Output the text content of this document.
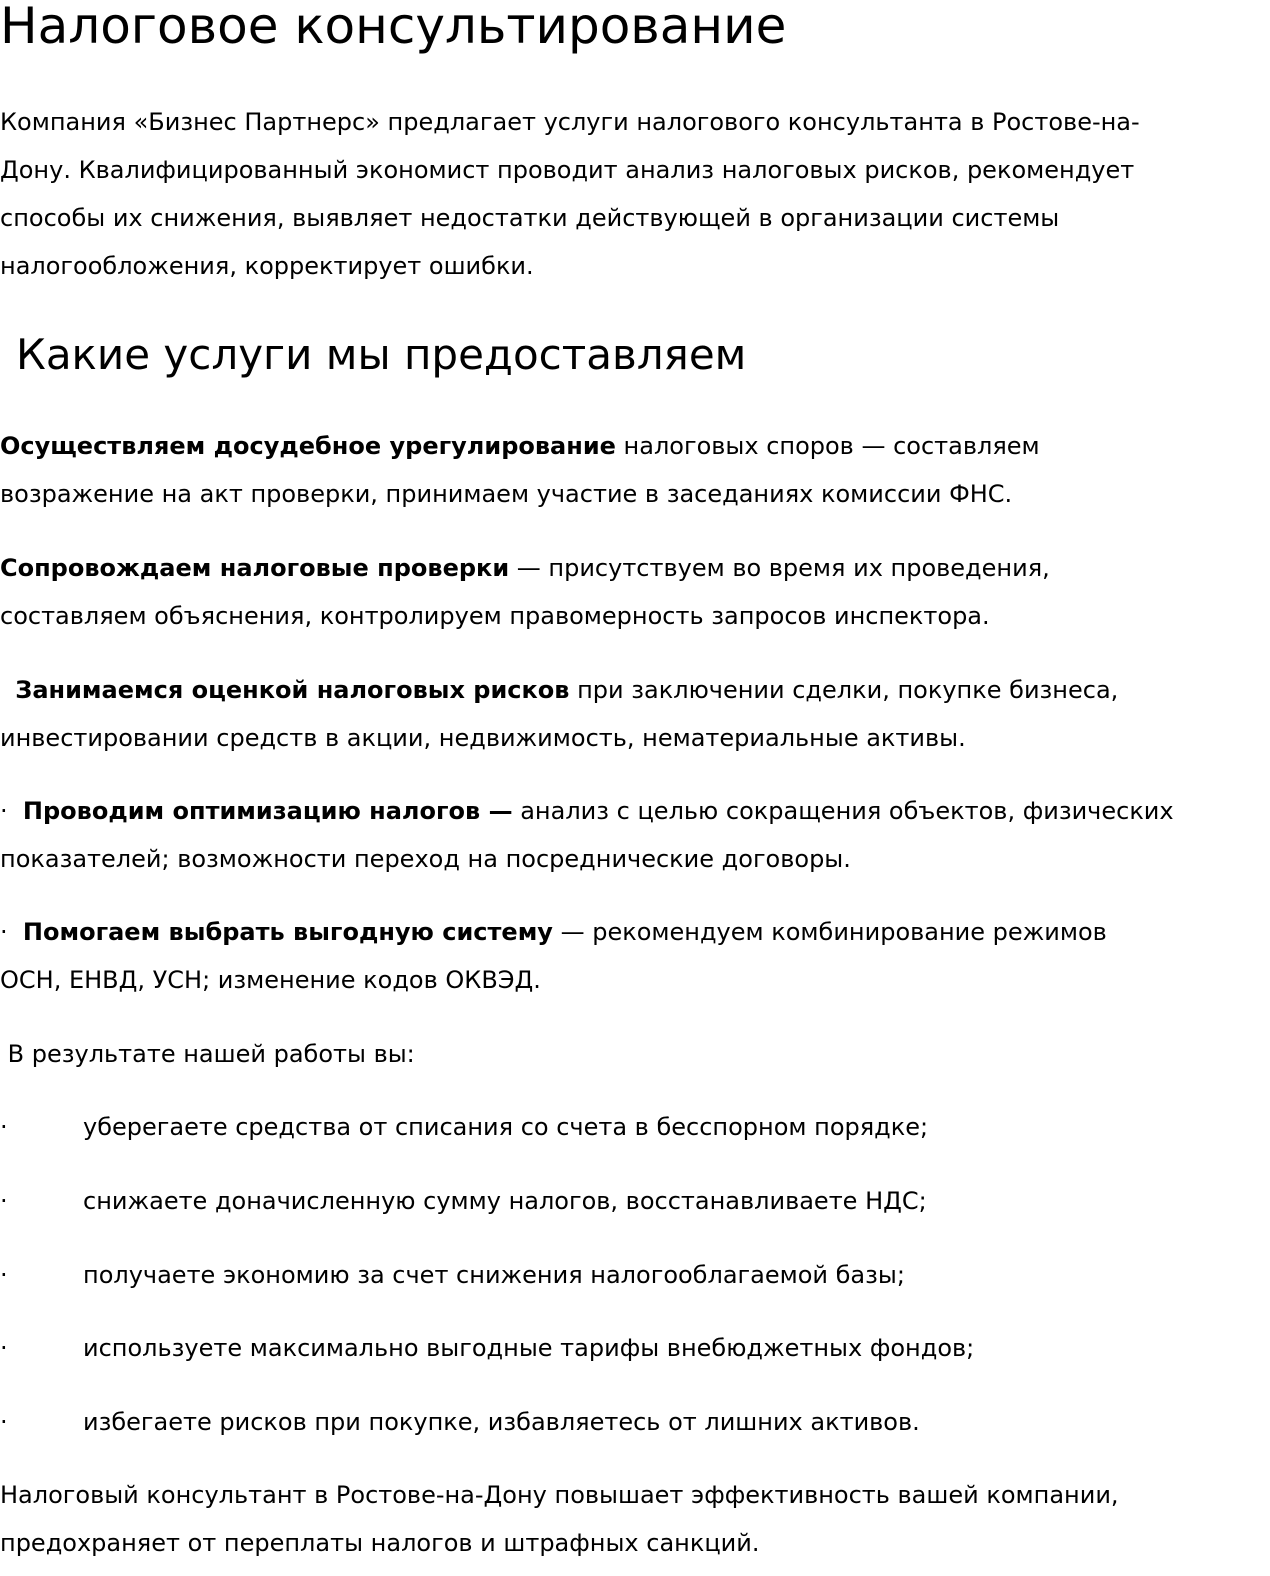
Налоговое консультирование

Компания «Бизнес Партнерс» предлагает услуги налогового консультанта в Ростове-на-

Дону. Квалифицированный экономист проводит анализ налоговых рисков, рекомендует

способы их снижения, выявляет недостатки действующей в организации системы

налогообложения, корректирует ошибки.

Какие услуги мы предоставляем

Осуществляем досудебное урегулирование налоговых споров — составляем

возражение на акт проверки, принимаем участие в заседаниях комиссии ФНС.

Сопровождаем налоговые проверки — присутствуем во время их проведения,

составляем объяснения, контролируем правомерность запросов инспектора.

Занимаемся оценкой налоговых рисков при заключении сделки, покупке бизнеса,

инвестировании средств в акции, недвижимость, нематериальные активы.

·  Проводим оптимизацию налогов — анализ с целью сокращения объектов, физических

показателей; возможности переход на посреднические договоры.

·  Помогаем выбрать выгодную систему — рекомендуем комбинирование режимов

ОСН, ЕНВД, УСН; изменение кодов ОКВЭД.

В результате нашей работы вы:

·	уберегаете средства от списания со счета в бесспорном порядке;
·	снижаете доначисленную сумму налогов, восстанавливаете НДС;
·	получаете экономию за счет снижения налогооблагаемой базы;
·	используете максимально выгодные тарифы внебюджетных фондов;
·	избегаете рисков при покупке, избавляетесь от лишних активов.

Налоговый консультант в Ростове-на-Дону повышает эффективность вашей компании,

предохраняет от переплаты налогов и штрафных санкций.
